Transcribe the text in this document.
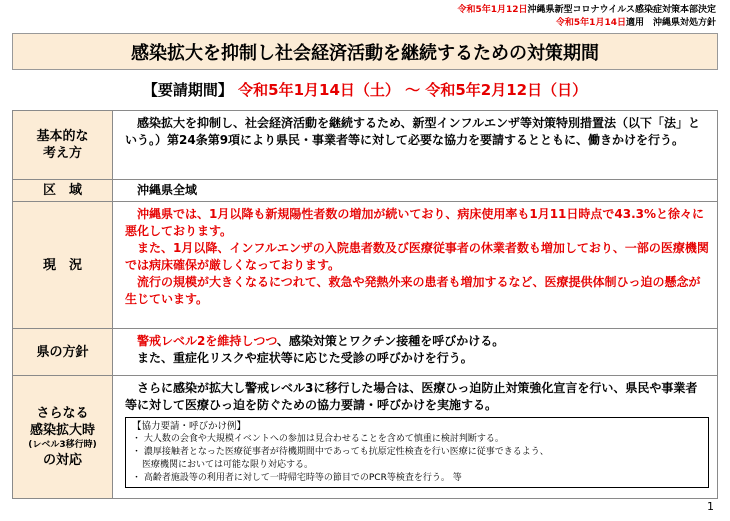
令和5年1月12日沖縄県新型コロナウイルス感染症対策本部決定
令和5年1月14日適用　沖縄県対処方針
感染拡大を抑制し社会経済活動を継続するための対策期間
【要請期間】 令和5年1月14日（土） ～ 令和5年2月12日（日）
基本的な
考え方
感染拡大を抑制し、社会経済活動を継続するため、新型インフルエンザ等対策特別措置法（以下「法」という。）第24条第9項により県民・事業者等に対して必要な協力を要請するとともに、働きかけを行う。
区　域	沖縄県全域
現　況
沖縄県では、1月以降も新規陽性者数の増加が続いており、病床使用率も1月11日時点で43.3%と徐々に悪化しております。
また、1月以降、インフルエンザの入院患者数及び医療従事者の休業者数も増加しており、一部の医療機関では病床確保が厳しくなっております。
流行の規模が大きくなるにつれて、救急や発熱外来の患者も増加するなど、医療提供体制ひっ迫の懸念が生じています。
県の方針
警戒レベル2を維持しつつ、感染対策とワクチン接種を呼びかける。
また、重症化リスクや症状等に応じた受診の呼びかけを行う。
さらなる
感染拡大時
(レベル3移行時)
の対応
さらに感染が拡大し警戒レベル3に移行した場合は、医療ひっ迫防止対策強化宣言を行い、県民や事業者等に対して医療ひっ迫を防ぐための協力要請・呼びかけを実施する。
【協力要請・呼びかけ例】
・ 大人数の会食や大規模イベントへの参加は見合わせることを含めて慎重に検討判断する。
・ 濃厚接触者となった医療従事者が待機期間中であっても抗原定性検査を行い医療に従事できるよう、
医療機関においては可能な限り対応する。
・ 高齢者施設等の利用者に対して一時帰宅時等の節目でのPCR等検査を行う。 等
1
